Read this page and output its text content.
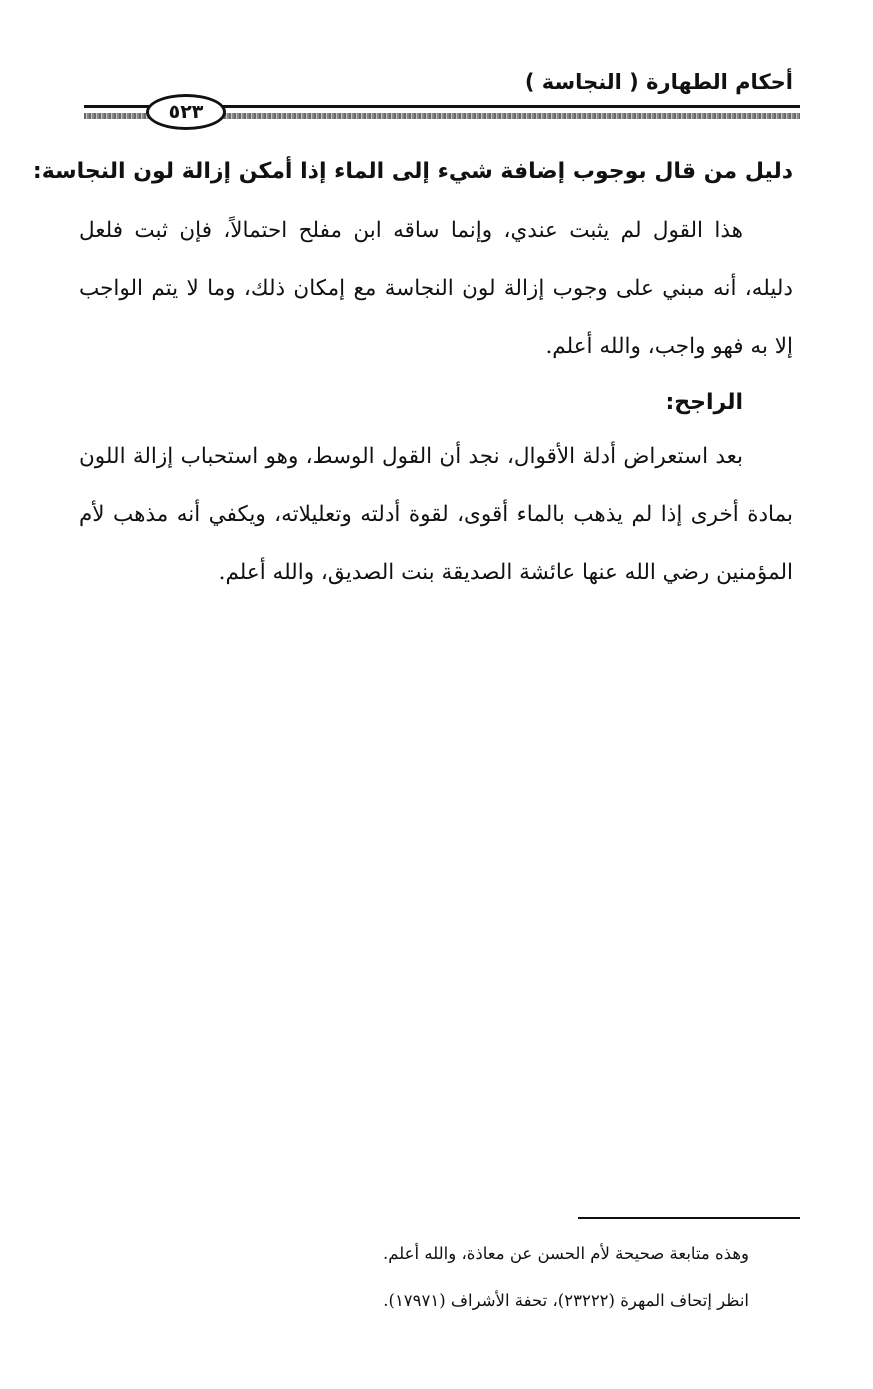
أحكام الطهارة ( النجاسة )
٥٢٣
دليل من قال بوجوب إضافة شيء إلى الماء إذا أمكن إزالة لون النجاسة:
هذا القول لم يثبت عندي، وإنما ساقه ابن مفلح احتمالاً، فإن ثبت فلعل دليله، أنه مبني على وجوب إزالة لون النجاسة مع إمكان ذلك، وما لا يتم الواجب إلا به فهو واجب، والله أعلم.
الراجح:
بعد استعراض أدلة الأقوال، نجد أن القول الوسط، وهو استحباب إزالة اللون بمادة أخرى إذا لم يذهب بالماء أقوى، لقوة أدلته وتعليلاته، ويكفي أنه مذهب لأم المؤمنين رضي الله عنها عائشة الصديقة بنت الصديق، والله أعلم.
وهذه متابعة صحيحة لأم الحسن عن معاذة، والله أعلم.
انظر إتحاف المهرة (٢٣٢٢٢)، تحفة الأشراف (١٧٩٧١).
